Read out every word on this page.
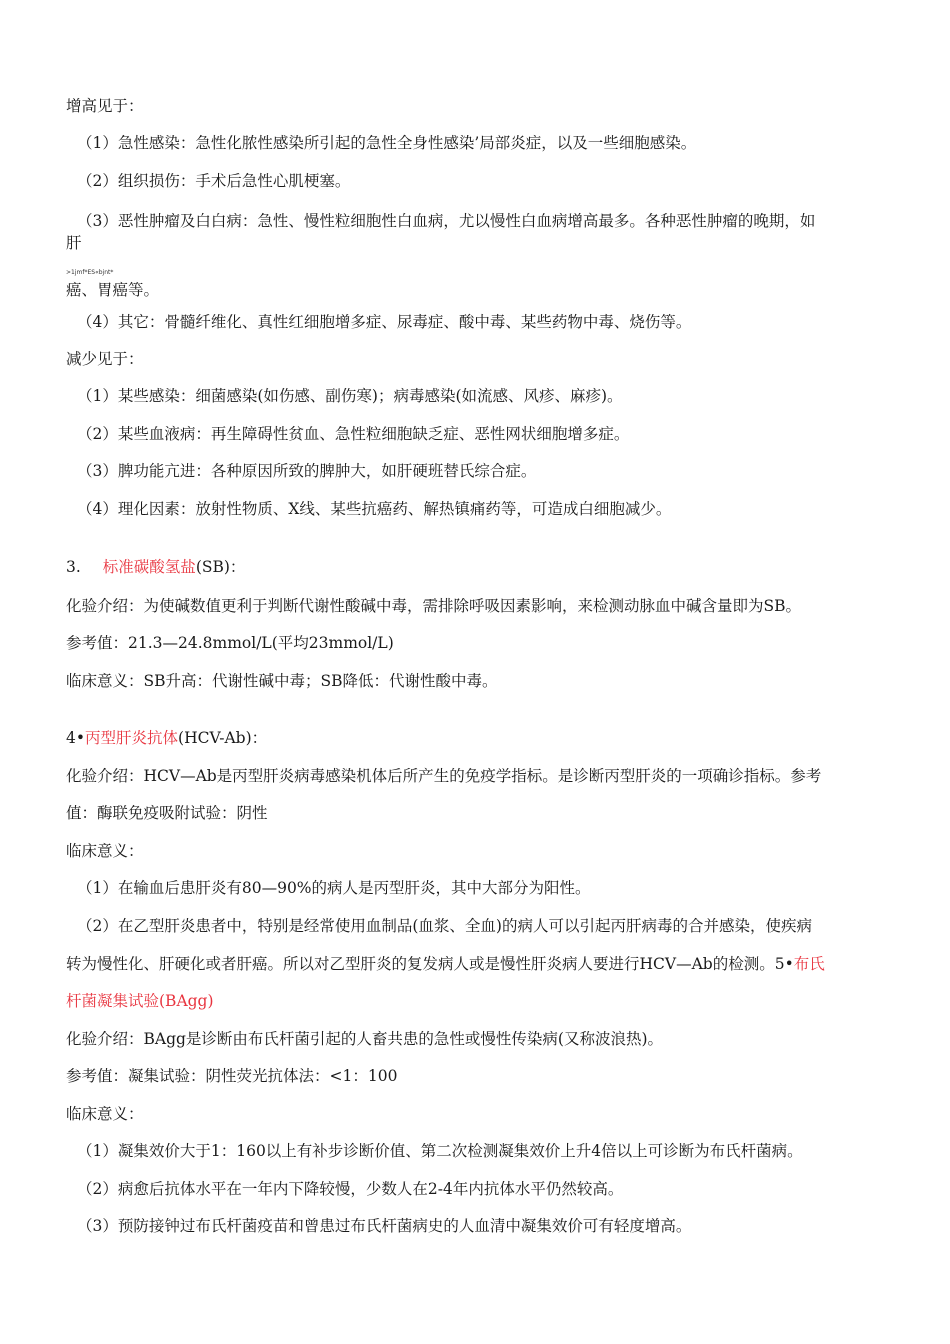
增高见于：
（1）急性感染：急性化脓性感染所引起的急性全身性感染’局部炎症，以及一些细胞感染。
（2）组织损伤：手术后急性心肌梗塞。
（3）恶性肿瘤及白白病：急性、慢性粒细胞性白血病，尤以慢性白血病增高最多。各种恶性肿瘤的晚期，如
肝
>1jmf*ES«bjnt*
癌、胃癌等。
（4）其它：骨髓纤维化、真性红细胞增多症、尿毒症、酸中毒、某些药物中毒、烧伤等。
减少见于：
（1）某些感染：细菌感染(如伤感、副伤寒)；病毒感染(如流感、风疹、麻疹)。
（2）某些血液病：再生障碍性贫血、急性粒细胞缺乏症、恶性网状细胞增多症。
（3）脾功能亢进：各种原因所致的脾肿大，如肝硬班替氏综合症。
（4）理化因素：放射性物质、X线、某些抗癌药、解热镇痛药等，可造成白细胞减少。
3. 标准碳酸氢盐(SB)：
化验介绍：为使碱数值更利于判断代谢性酸碱中毒，需排除呼吸因素影响，来检测动脉血中碱含量即为SB。
参考值：21.3—24.8mmol/L(平均23mmol/L)
临床意义：SB升高：代谢性碱中毒；SB降低：代谢性酸中毒。
4•丙型肝炎抗体(HCV-Ab)：
化验介绍：HCV—Ab是丙型肝炎病毒感染机体后所产生的免疫学指标。是诊断丙型肝炎的一项确诊指标。参考
值：酶联免疫吸附试验：阴性
临床意义：
（1）在输血后患肝炎有80—90%的病人是丙型肝炎，其中大部分为阳性。
（2）在乙型肝炎患者中，特别是经常使用血制品(血浆、全血)的病人可以引起丙肝病毒的合并感染，使疾病
转为慢性化、肝硬化或者肝癌。所以对乙型肝炎的复发病人或是慢性肝炎病人要进行HCV—Ab的检测。5•布氏
杆菌凝集试验(BAgg)
化验介绍：BAgg是诊断由布氏杆菌引起的人畜共患的急性或慢性传染病(又称波浪热)。
参考值：凝集试验：阴性荧光抗体法：<1：100
临床意义：
（1）凝集效价大于1：160以上有补步诊断价值、第二次检测凝集效价上升4倍以上可诊断为布氏杆菌病。
（2）病愈后抗体水平在一年内下降较慢，少数人在2-4年内抗体水平仍然较高。
（3）预防接钟过布氏杆菌疫苗和曾患过布氏杆菌病史的人血清中凝集效价可有轻度增高。
